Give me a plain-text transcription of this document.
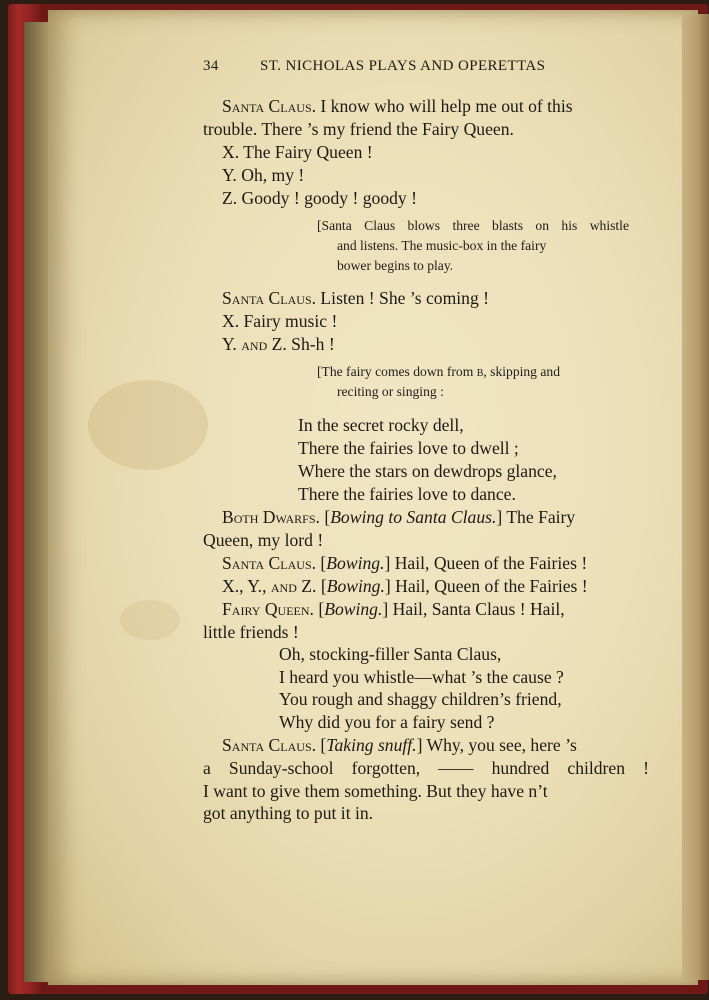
34	ST. NICHOLAS PLAYS AND OPERETTAS
Santa Claus. I know who will help me out of this
trouble. There ’s my friend the Fairy Queen.
X. The Fairy Queen !
Y. Oh, my !
Z. Goody ! goody ! goody !
[Santa Claus blows three blasts on his whistle
and listens. The music-box in the fairy
bower begins to play.
Santa Claus. Listen ! She ’s coming !
X. Fairy music !
Y. and Z. Sh-h !
[The fairy comes down from b, skipping and
reciting or singing :
In the secret rocky dell,
There the fairies love to dwell ;
Where the stars on dewdrops glance,
There the fairies love to dance.
Both Dwarfs. [Bowing to Santa Claus.] The Fairy
Queen, my lord !
Santa Claus. [Bowing.] Hail, Queen of the Fairies !
X., Y., and Z. [Bowing.] Hail, Queen of the Fairies !
Fairy Queen. [Bowing.] Hail, Santa Claus ! Hail,
little friends !
Oh, stocking-filler Santa Claus,
I heard you whistle—what ’s the cause ?
You rough and shaggy children’s friend,
Why did you for a fairy send ?
Santa Claus. [Taking snuff.] Why, you see, here ’s
a Sunday-school forgotten, —— hundred children !
I want to give them something. But they have n’t
got anything to put it in.
